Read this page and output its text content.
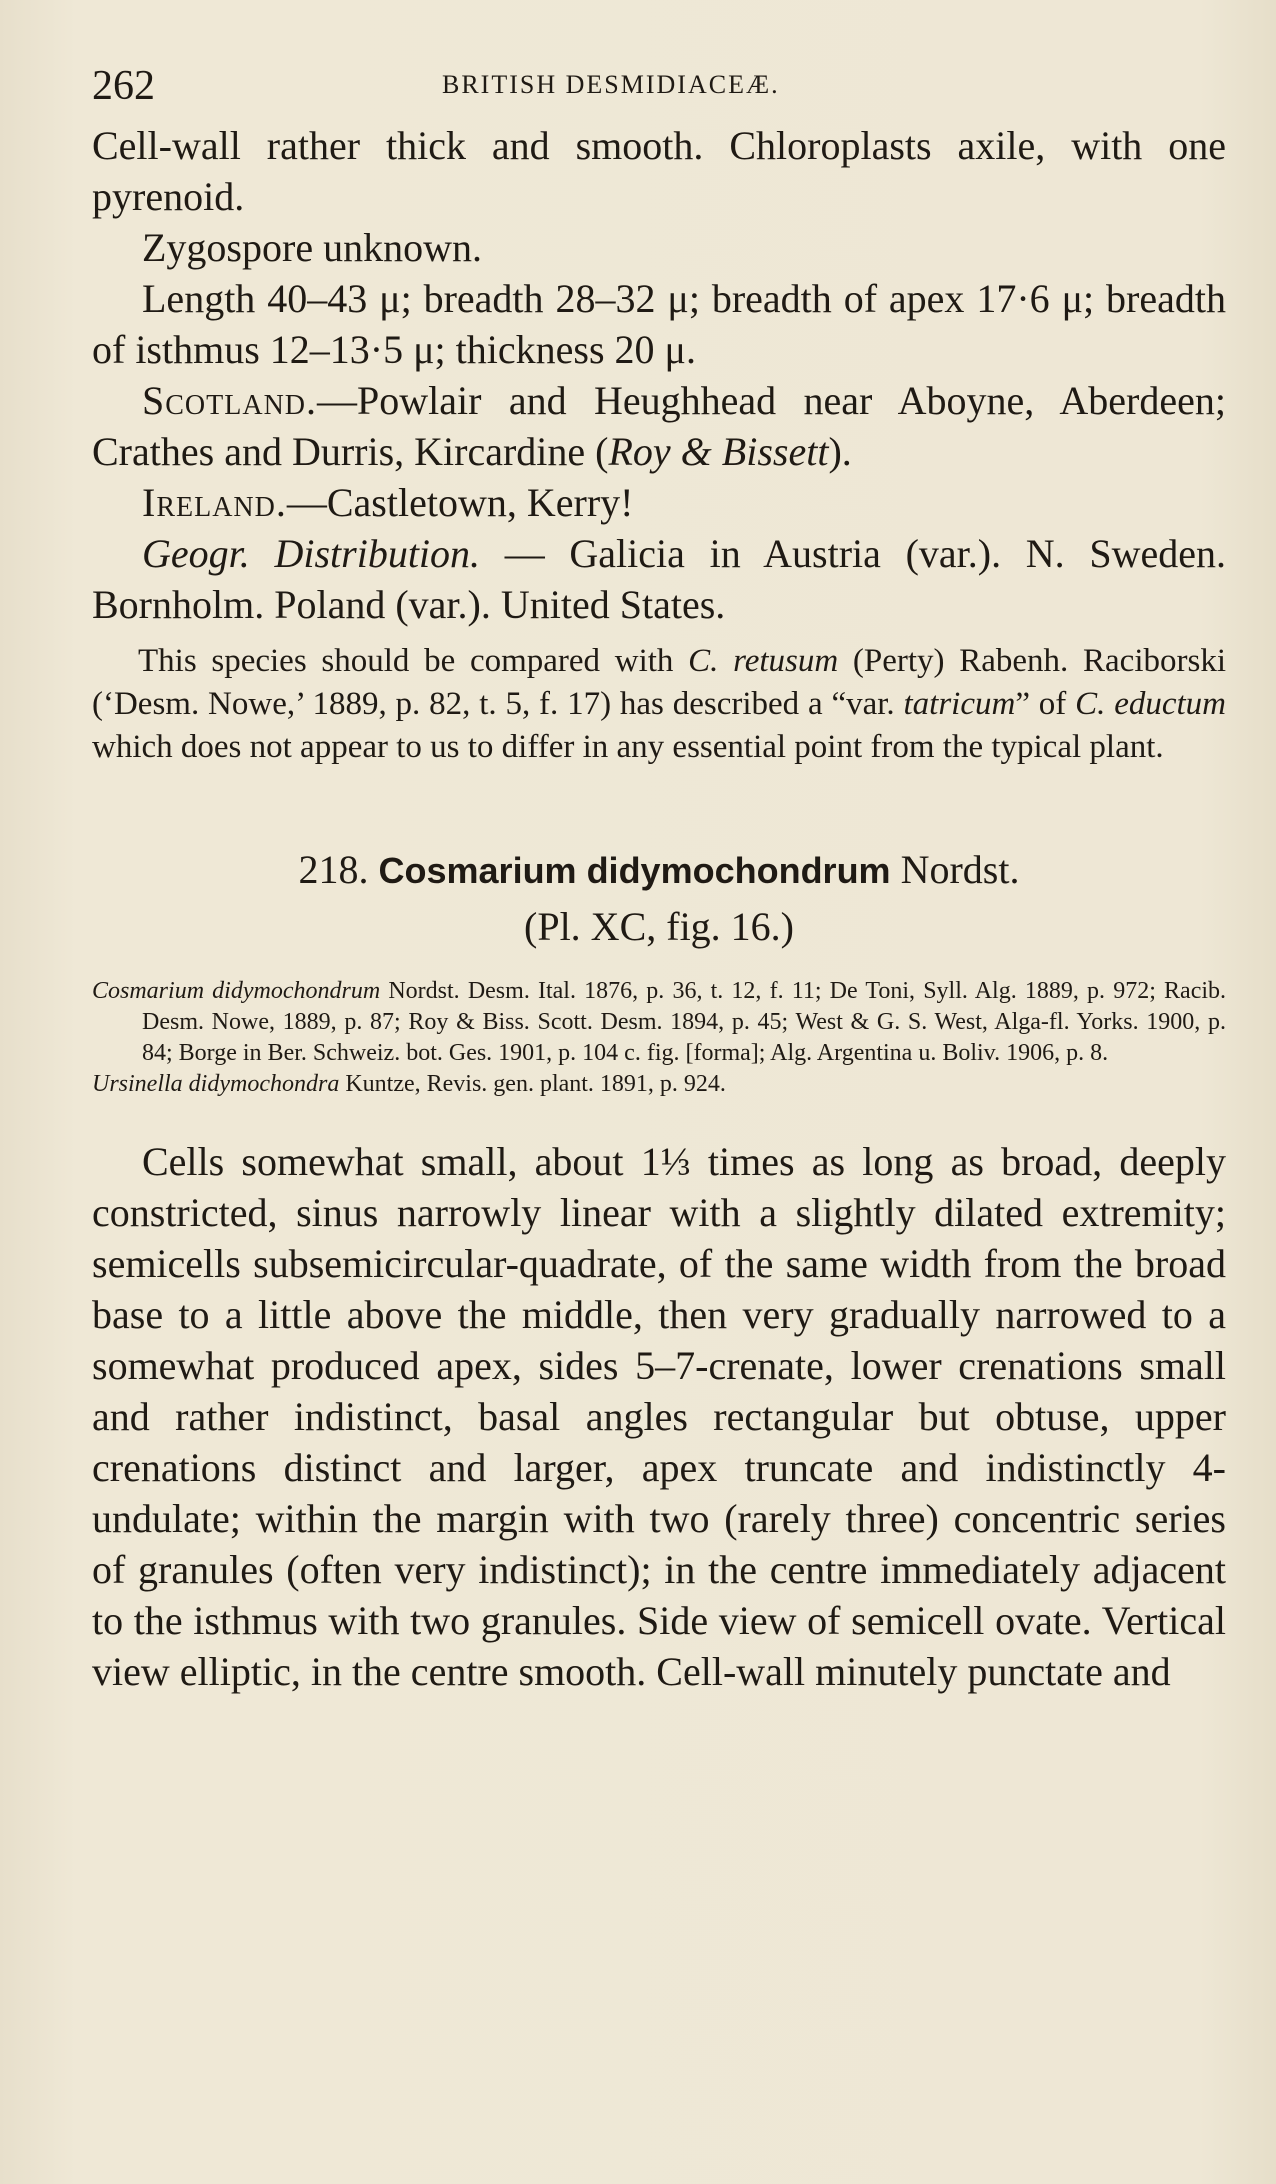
262	BRITISH DESMIDIACEÆ.

Cell-wall rather thick and smooth. Chloroplasts axile, with one pyrenoid.

Zygospore unknown.

Length 40–43 μ; breadth 28–32 μ; breadth of apex 17·6 μ; breadth of isthmus 12–13·5 μ; thickness 20 μ.

Scotland.—Powlair and Heughhead near Aboyne, Aberdeen; Crathes and Durris, Kircardine (Roy & Bissett).

Ireland.—Castletown, Kerry!

Geogr. Distribution. — Galicia in Austria (var.). N. Sweden. Bornholm. Poland (var.). United States.

This species should be compared with C. retusum (Perty) Rabenh. Raciborski (‘Desm. Nowe,’ 1889, p. 82, t. 5, f. 17) has described a “var. tatricum” of C. eductum which does not appear to us to differ in any essential point from the typical plant.

218. Cosmarium didymochondrum Nordst.
(Pl. XC, fig. 16.)

Cosmarium didymochondrum Nordst. Desm. Ital. 1876, p. 36, t. 12, f. 11; De Toni, Syll. Alg. 1889, p. 972; Racib. Desm. Nowe, 1889, p. 87; Roy & Biss. Scott. Desm. 1894, p. 45; West & G. S. West, Alga-fl. Yorks. 1900, p. 84; Borge in Ber. Schweiz. bot. Ges. 1901, p. 104 c. fig. [forma]; Alg. Argentina u. Boliv. 1906, p. 8.

Ursinella didymochondra Kuntze, Revis. gen. plant. 1891, p. 924.

Cells somewhat small, about 1⅓ times as long as broad, deeply constricted, sinus narrowly linear with a slightly dilated extremity; semicells subsemicircular-quadrate, of the same width from the broad base to a little above the middle, then very gradually narrowed to a somewhat produced apex, sides 5–7-crenate, lower crenations small and rather indistinct, basal angles rectangular but obtuse, upper crenations distinct and larger, apex truncate and indistinctly 4-undulate; within the margin with two (rarely three) concentric series of granules (often very indistinct); in the centre immediately adjacent to the isthmus with two granules. Side view of semicell ovate. Vertical view elliptic, in the centre smooth. Cell-wall minutely punctate and
